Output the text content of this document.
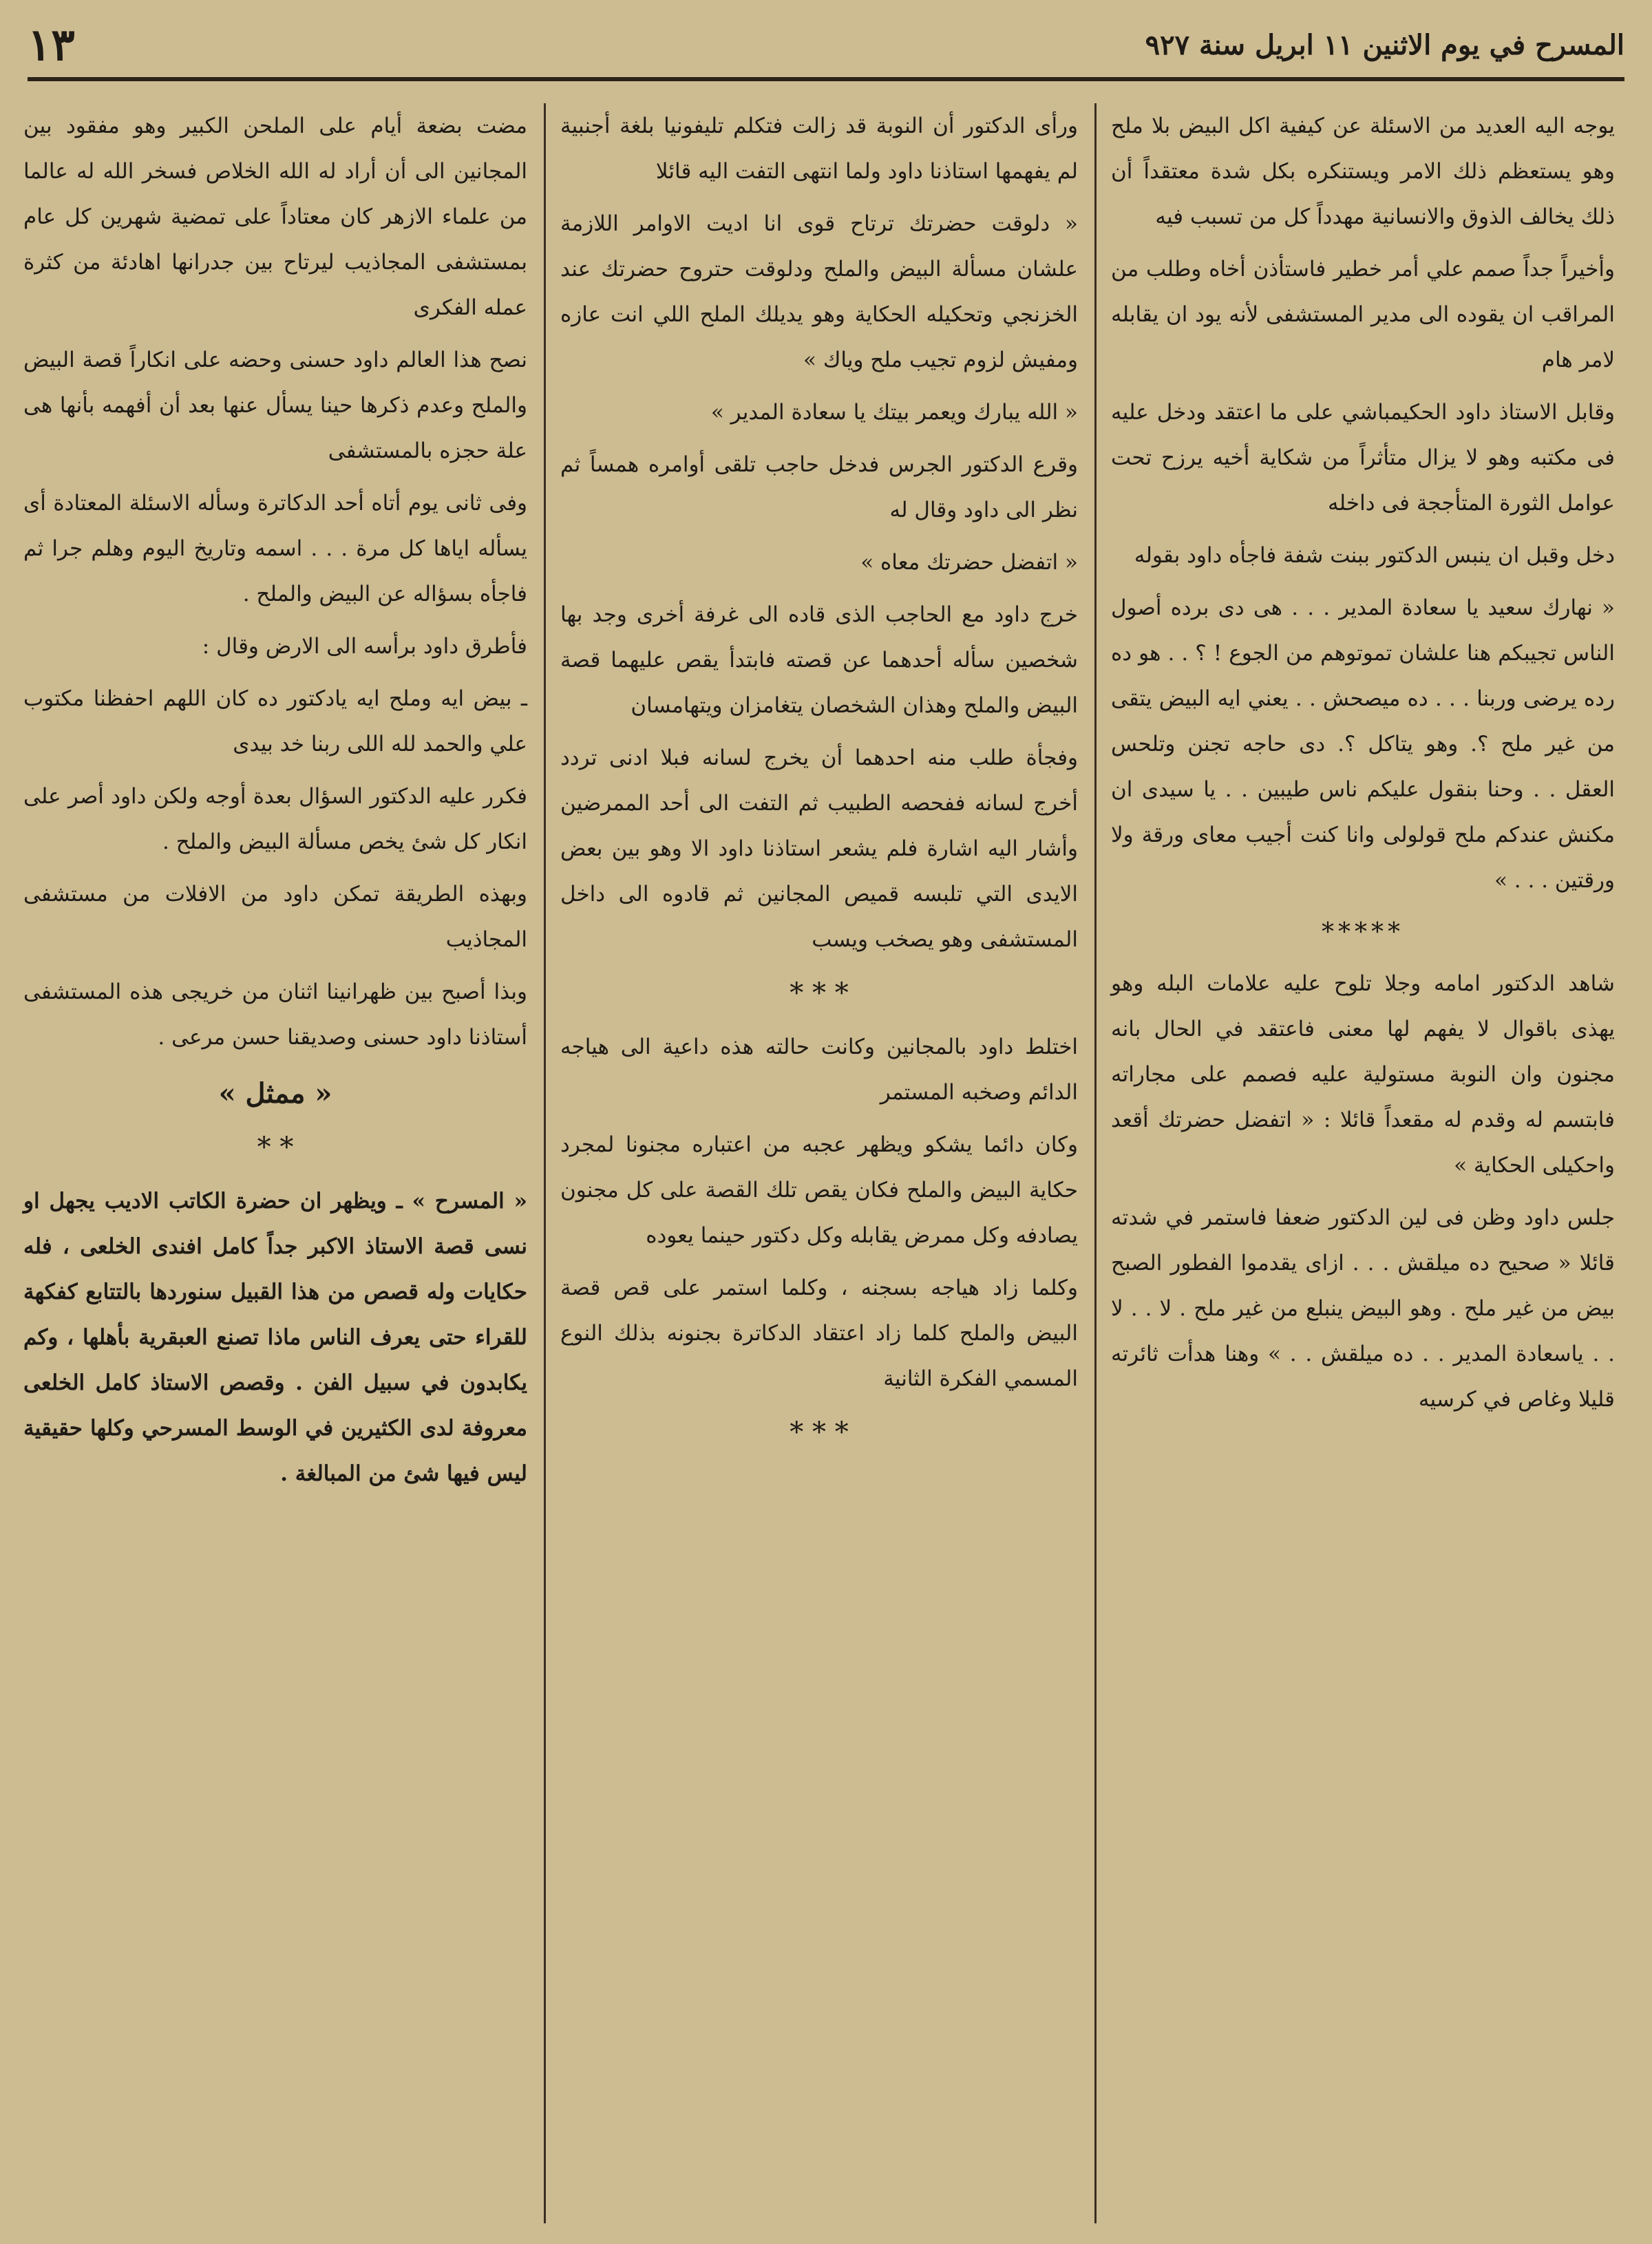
١٣	المسرح في يوم الاثنين ١١ ابريل سنة ٩٢٧

يوجه اليه العديد من الاسئلة عن كيفية اكل البيض بلا ملح وهو يستعظم ذلك الامر ويستنكره بكل شدة معتقداً أن ذلك يخالف الذوق والانسانية مهدداً كل من تسبب فيه

وأخيراً جداً صمم علي أمر خطير فاستأذن أخاه وطلب من المراقب ان يقوده الى مدير المستشفى لأنه يود ان يقابله لامر هام

وقابل الاستاذ داود الحكيمباشي على ما اعتقد ودخل عليه فى مكتبه وهو لا يزال متأثراً من شكاية أخيه يرزح تحت عوامل الثورة المتأججة فى داخله

دخل وقبل ان ينبس الدكتور ببنت شفة فاجأه داود بقوله

« نهارك سعيد يا سعادة المدير . . . هى دى برده أصول الناس تجيبكم هنا علشان تموتوهم من الجوع ! ؟ . . هو ده رده يرضى وربنا . . . ده ميصحش . . يعني ايه البيض يتقى من غير ملح ؟. وهو يتاكل ؟. دى حاجه تجنن وتلحس العقل . . وحنا بنقول عليكم ناس طيبين . . يا سيدى ان مكنش عندكم ملح قولولى وانا كنت أجيب معاى ورقة ولا ورقتين . . . »

*****

شاهد الدكتور امامه وجلا تلوح عليه علامات البله وهو يهذى باقوال لا يفهم لها معنى فاعتقد في الحال بانه مجنون وان النوبة مستولية عليه فصمم على مجاراته فابتسم له وقدم له مقعداً قائلا : « اتفضل حضرتك أقعد واحكيلى الحكاية »

جلس داود وظن فى لين الدكتور ضعفا فاستمر في شدته قائلا « صحيح ده ميلقش . . . ازاى يقدموا الفطور الصبح بيض من غير ملح . وهو البيض ينبلع من غير ملح . لا . . لا . . ياسعادة المدير . . ده ميلقش . . » وهنا هدأت ثائرته قليلا وغاص في كرسيه

ورأى الدكتور أن النوبة قد زالت فتكلم تليفونيا بلغة أجنبية لم يفهمها استاذنا داود ولما انتهى التفت اليه قائلا

« دلوقت حضرتك ترتاح قوى انا اديت الاوامر اللازمة علشان مسألة البيض والملح ودلوقت حتروح حضرتك عند الخزنجي وتحكيله الحكاية وهو يديلك الملح اللي انت عازه ومفيش لزوم تجيب ملح وياك »

« الله يبارك ويعمر بيتك يا سعادة المدير »

وقرع الدكتور الجرس فدخل حاجب تلقى أوامره همساً ثم نظر الى داود وقال له

« اتفضل حضرتك معاه »

خرج داود مع الحاجب الذى قاده الى غرفة أخرى وجد بها شخصين سأله أحدهما عن قصته فابتدأ يقص عليهما قصة البيض والملح وهذان الشخصان يتغامزان ويتهامسان

وفجأة طلب منه احدهما أن يخرج لسانه فبلا ادنى تردد أخرج لسانه ففحصه الطبيب ثم التفت الى أحد الممرضين وأشار اليه اشارة فلم يشعر استاذنا داود الا وهو بين بعض الايدى التي تلبسه قميص المجانين ثم قادوه الى داخل المستشفى وهو يصخب ويسب

* * *

اختلط داود بالمجانين وكانت حالته هذه داعية الى هياجه الدائم وصخبه المستمر

وكان دائما يشكو ويظهر عجبه من اعتباره مجنونا لمجرد حكاية البيض والملح فكان يقص تلك القصة على كل مجنون يصادفه وكل ممرض يقابله وكل دكتور حينما يعوده

وكلما زاد هياجه بسجنه ، وكلما استمر على قص قصة البيض والملح كلما زاد اعتقاد الدكاترة بجنونه بذلك النوع المسمي الفكرة الثانية

* * *

مضت بضعة أيام على الملحن الكبير وهو مفقود بين المجانين الى أن أراد له الله الخلاص فسخر الله له عالما من علماء الازهر كان معتاداً على تمضية شهرين كل عام بمستشفى المجاذيب ليرتاح بين جدرانها اهادئة من كثرة عمله الفكرى

نصح هذا العالم داود حسنى وحضه على انكاراً قصة البيض والملح وعدم ذكرها حينا يسأل عنها بعد أن أفهمه بأنها هى علة حجزه بالمستشفى

وفى ثانى يوم أتاه أحد الدكاترة وسأله الاسئلة المعتادة أى يسأله اياها كل مرة . . . اسمه وتاريخ اليوم وهلم جرا ثم فاجأه بسؤاله عن البيض والملح .

فأطرق داود برأسه الى الارض وقال :

ـ بيض ايه وملح ايه يادكتور ده كان اللهم احفظنا مكتوب علي والحمد لله اللى ربنا خد بيدى

فكرر عليه الدكتور السؤال بعدة أوجه ولكن داود أصر على انكار كل شئ يخص مسألة البيض والملح .

وبهذه الطريقة تمكن داود من الافلات من مستشفى المجاذيب

وبذا أصبح بين ظهرانينا اثنان من خريجى هذه المستشفى أستاذنا داود حسنى وصديقنا حسن مرعى .

« ممثل »
* *

« المسرح » ـ ويظهر ان حضرة الكاتب الاديب يجهل او نسى قصة الاستاذ الاكبر جداً كامل افندى الخلعى ، فله حكايات وله قصص من هذا القبيل سنوردها بالتتابع كفكهة للقراء حتى يعرف الناس ماذا تصنع العبقرية بأهلها ، وكم يكابدون في سبيل الفن . وقصص الاستاذ كامل الخلعى معروفة لدى الكثيرين في الوسط المسرحي وكلها حقيقية ليس فيها شئ من المبالغة .
